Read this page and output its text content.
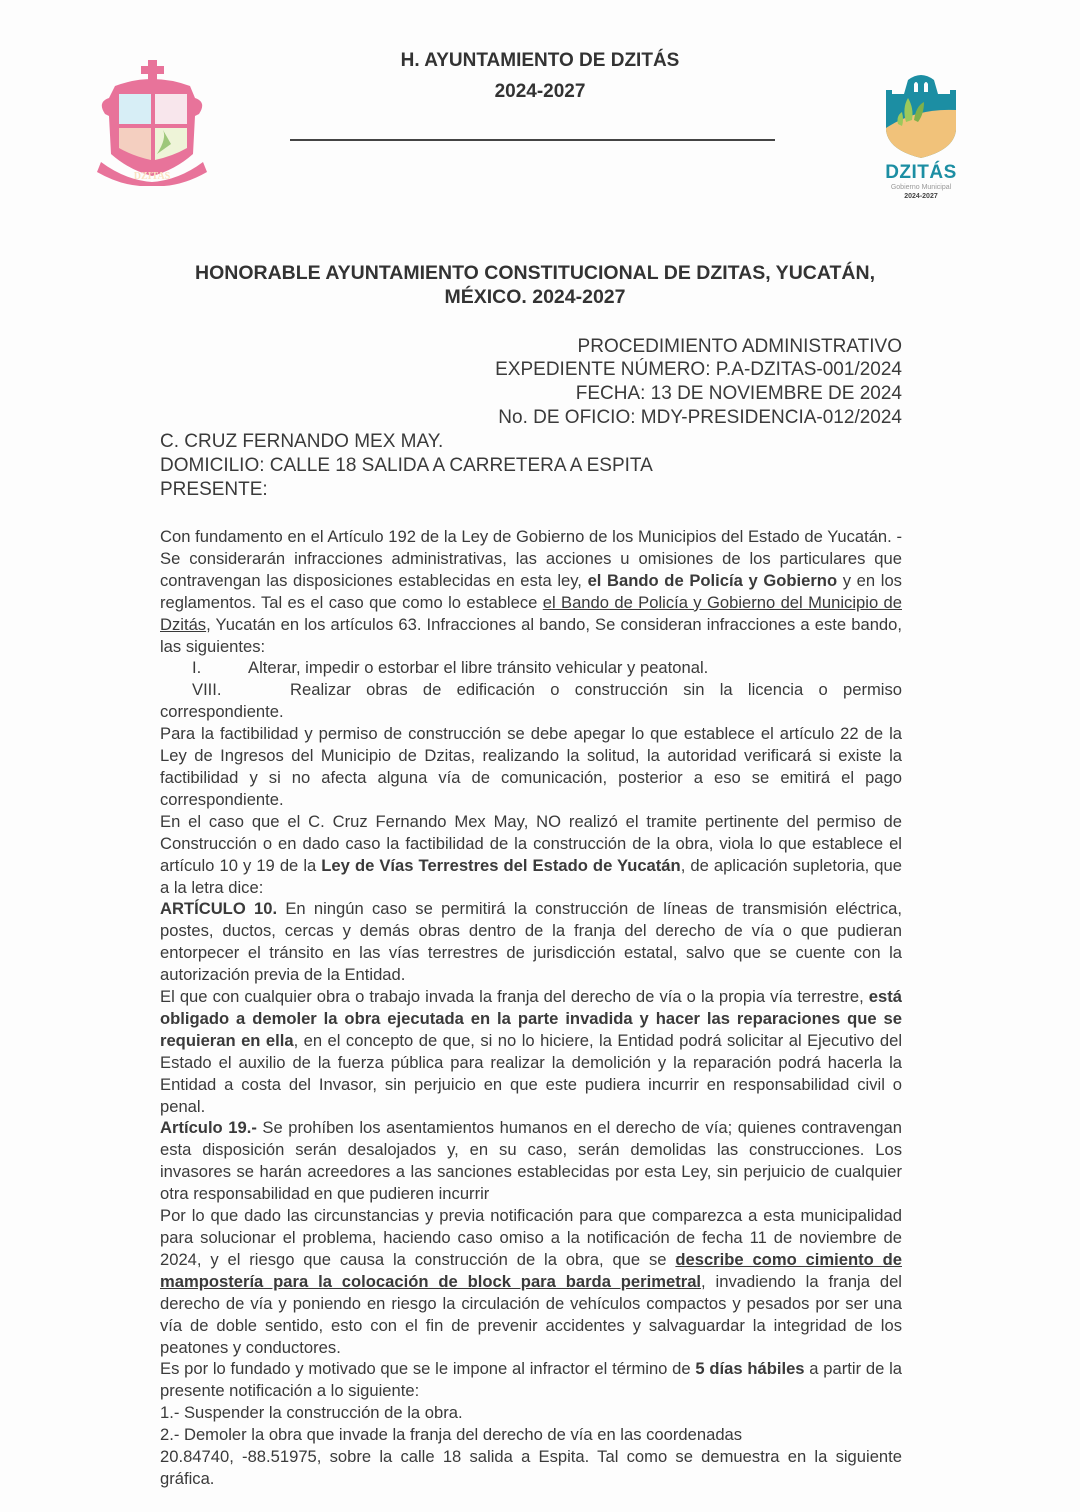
DZITAS
H. AYUNTAMIENTO DE DZITÁS
2024-2027
DZITÁS
Gobierno Municipal
2024-2027
HONORABLE AYUNTAMIENTO CONSTITUCIONAL DE DZITAS, YUCATÁN,
MÉXICO. 2024-2027
PROCEDIMIENTO ADMINISTRATIVO
EXPEDIENTE NÚMERO: P.A-DZITAS-001/2024
FECHA: 13 DE NOVIEMBRE DE 2024
No. DE OFICIO: MDY-PRESIDENCIA-012/2024
C. CRUZ FERNANDO MEX MAY.
DOMICILIO: CALLE 18 SALIDA A CARRETERA A ESPITA
PRESENTE:

Con fundamento en el Artículo 192 de la Ley de Gobierno de los Municipios del Estado de Yucatán. - Se considerarán infracciones administrativas, las acciones u omisiones de los particulares que contravengan las disposiciones establecidas en esta ley, el Bando de Policía y Gobierno y en los reglamentos. Tal es el caso que como lo establece el Bando de Policía y Gobierno del Municipio de Dzitás, Yucatán en los artículos 63. Infracciones al bando, Se consideran infracciones a este bando, las siguientes:

I.	Alterar, impedir o estorbar el libre tránsito vehicular y peatonal.
VIII.	Realizar obras de edificación o construcción sin la licencia o permiso correspondiente.

Para la factibilidad y permiso de construcción se debe apegar lo que establece el artículo 22 de la Ley de Ingresos del Municipio de Dzitas, realizando la solitud, la autoridad verificará si existe la factibilidad y si no afecta alguna vía de comunicación, posterior a eso se emitirá el pago correspondiente.

En el caso que el C. Cruz Fernando Mex May, NO realizó el tramite pertinente del permiso de Construcción o en dado caso la factibilidad de la construcción de la obra, viola lo que establece el artículo 10 y 19 de la Ley de Vías Terrestres del Estado de Yucatán, de aplicación supletoria, que a la letra dice:

ARTÍCULO 10. En ningún caso se permitirá la construcción de líneas de transmisión eléctrica, postes, ductos, cercas y demás obras dentro de la franja del derecho de vía o que pudieran entorpecer el tránsito en las vías terrestres de jurisdicción estatal, salvo que se cuente con la autorización previa de la Entidad.

El que con cualquier obra o trabajo invada la franja del derecho de vía o la propia vía terrestre, está obligado a demoler la obra ejecutada en la parte invadida y hacer las reparaciones que se requieran en ella, en el concepto de que, si no lo hiciere, la Entidad podrá solicitar al Ejecutivo del Estado el auxilio de la fuerza pública para realizar la demolición y la reparación podrá hacerla la Entidad a costa del Invasor, sin perjuicio en que este pudiera incurrir en responsabilidad civil o penal.

Artículo 19.- Se prohíben los asentamientos humanos en el derecho de vía; quienes contravengan esta disposición serán desalojados y, en su caso, serán demolidas las construcciones. Los invasores se harán acreedores a las sanciones establecidas por esta Ley, sin perjuicio de cualquier otra responsabilidad en que pudieren incurrir

Por lo que dado las circunstancias y previa notificación para que comparezca a esta municipalidad para solucionar el problema, haciendo caso omiso a la notificación de fecha 11 de noviembre de 2024, y el riesgo que causa la construcción de la obra, que se describe como cimiento de mampostería para la colocación de block para barda perimetral, invadiendo la franja del derecho de vía y poniendo en riesgo la circulación de vehículos compactos y pesados por ser una vía de doble sentido, esto con el fin de prevenir accidentes y salvaguardar la integridad de los peatones y conductores.

Es por lo fundado y motivado que se le impone al infractor el término de 5 días hábiles a partir de la presente notificación a lo siguiente:

1.- Suspender la construcción de la obra.

2.- Demoler la obra que invade la franja del derecho de vía en las coordenadas

20.84740, -88.51975, sobre la calle 18 salida a Espita. Tal como se demuestra en la siguiente gráfica.
